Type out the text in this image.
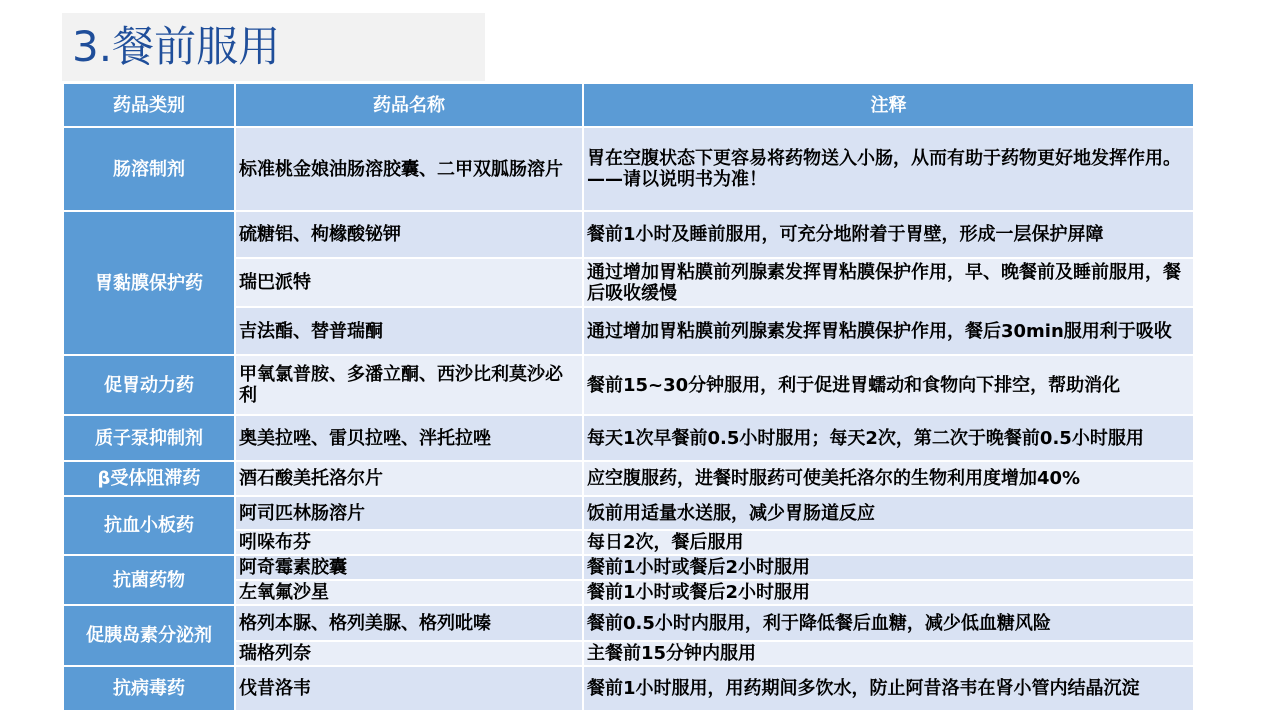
3.餐前服用
药品类别	药品名称	注释
肠溶制剂	标准桃金娘油肠溶胶囊、二甲双胍肠溶片	胃在空腹状态下更容易将药物送入小肠，从而有助于药物更好地发挥作用。
——请以说明书为准！

胃黏膜保护药	硫糖铝、枸橼酸铋钾	餐前1小时及睡前服用，可充分地附着于胃壁，形成一层保护屏障
	瑞巴派特	通过增加胃粘膜前列腺素发挥胃粘膜保护作用，早、晚餐前及睡前服用，餐后吸收缓慢
	吉法酯、替普瑞酮	通过增加胃粘膜前列腺素发挥胃粘膜保护作用，餐后30min服用利于吸收
促胃动力药	甲氧氯普胺、多潘立酮、西沙比利莫沙必利	餐前15~30分钟服用，利于促进胃蠕动和食物向下排空，帮助消化
质子泵抑制剂	奥美拉唑、雷贝拉唑、泮托拉唑	每天1次早餐前0.5小时服用；每天2次，第二次于晚餐前0.5小时服用
β受体阻滞药	酒石酸美托洛尔片	应空腹服药，进餐时服药可使美托洛尔的生物利用度增加40%
抗血小板药	阿司匹林肠溶片	饭前用适量水送服，减少胃肠道反应
	吲哚布芬	每日2次，餐后服用
抗菌药物	阿奇霉素胶囊	餐前1小时或餐后2小时服用
	左氧氟沙星	餐前1小时或餐后2小时服用
促胰岛素分泌剂	格列本脲、格列美脲、格列吡嗪	餐前0.5小时内服用，利于降低餐后血糖，减少低血糖风险
	瑞格列奈	主餐前15分钟内服用
抗病毒药	伐昔洛韦	餐前1小时服用，用药期间多饮水，防止阿昔洛韦在肾小管内结晶沉淀
